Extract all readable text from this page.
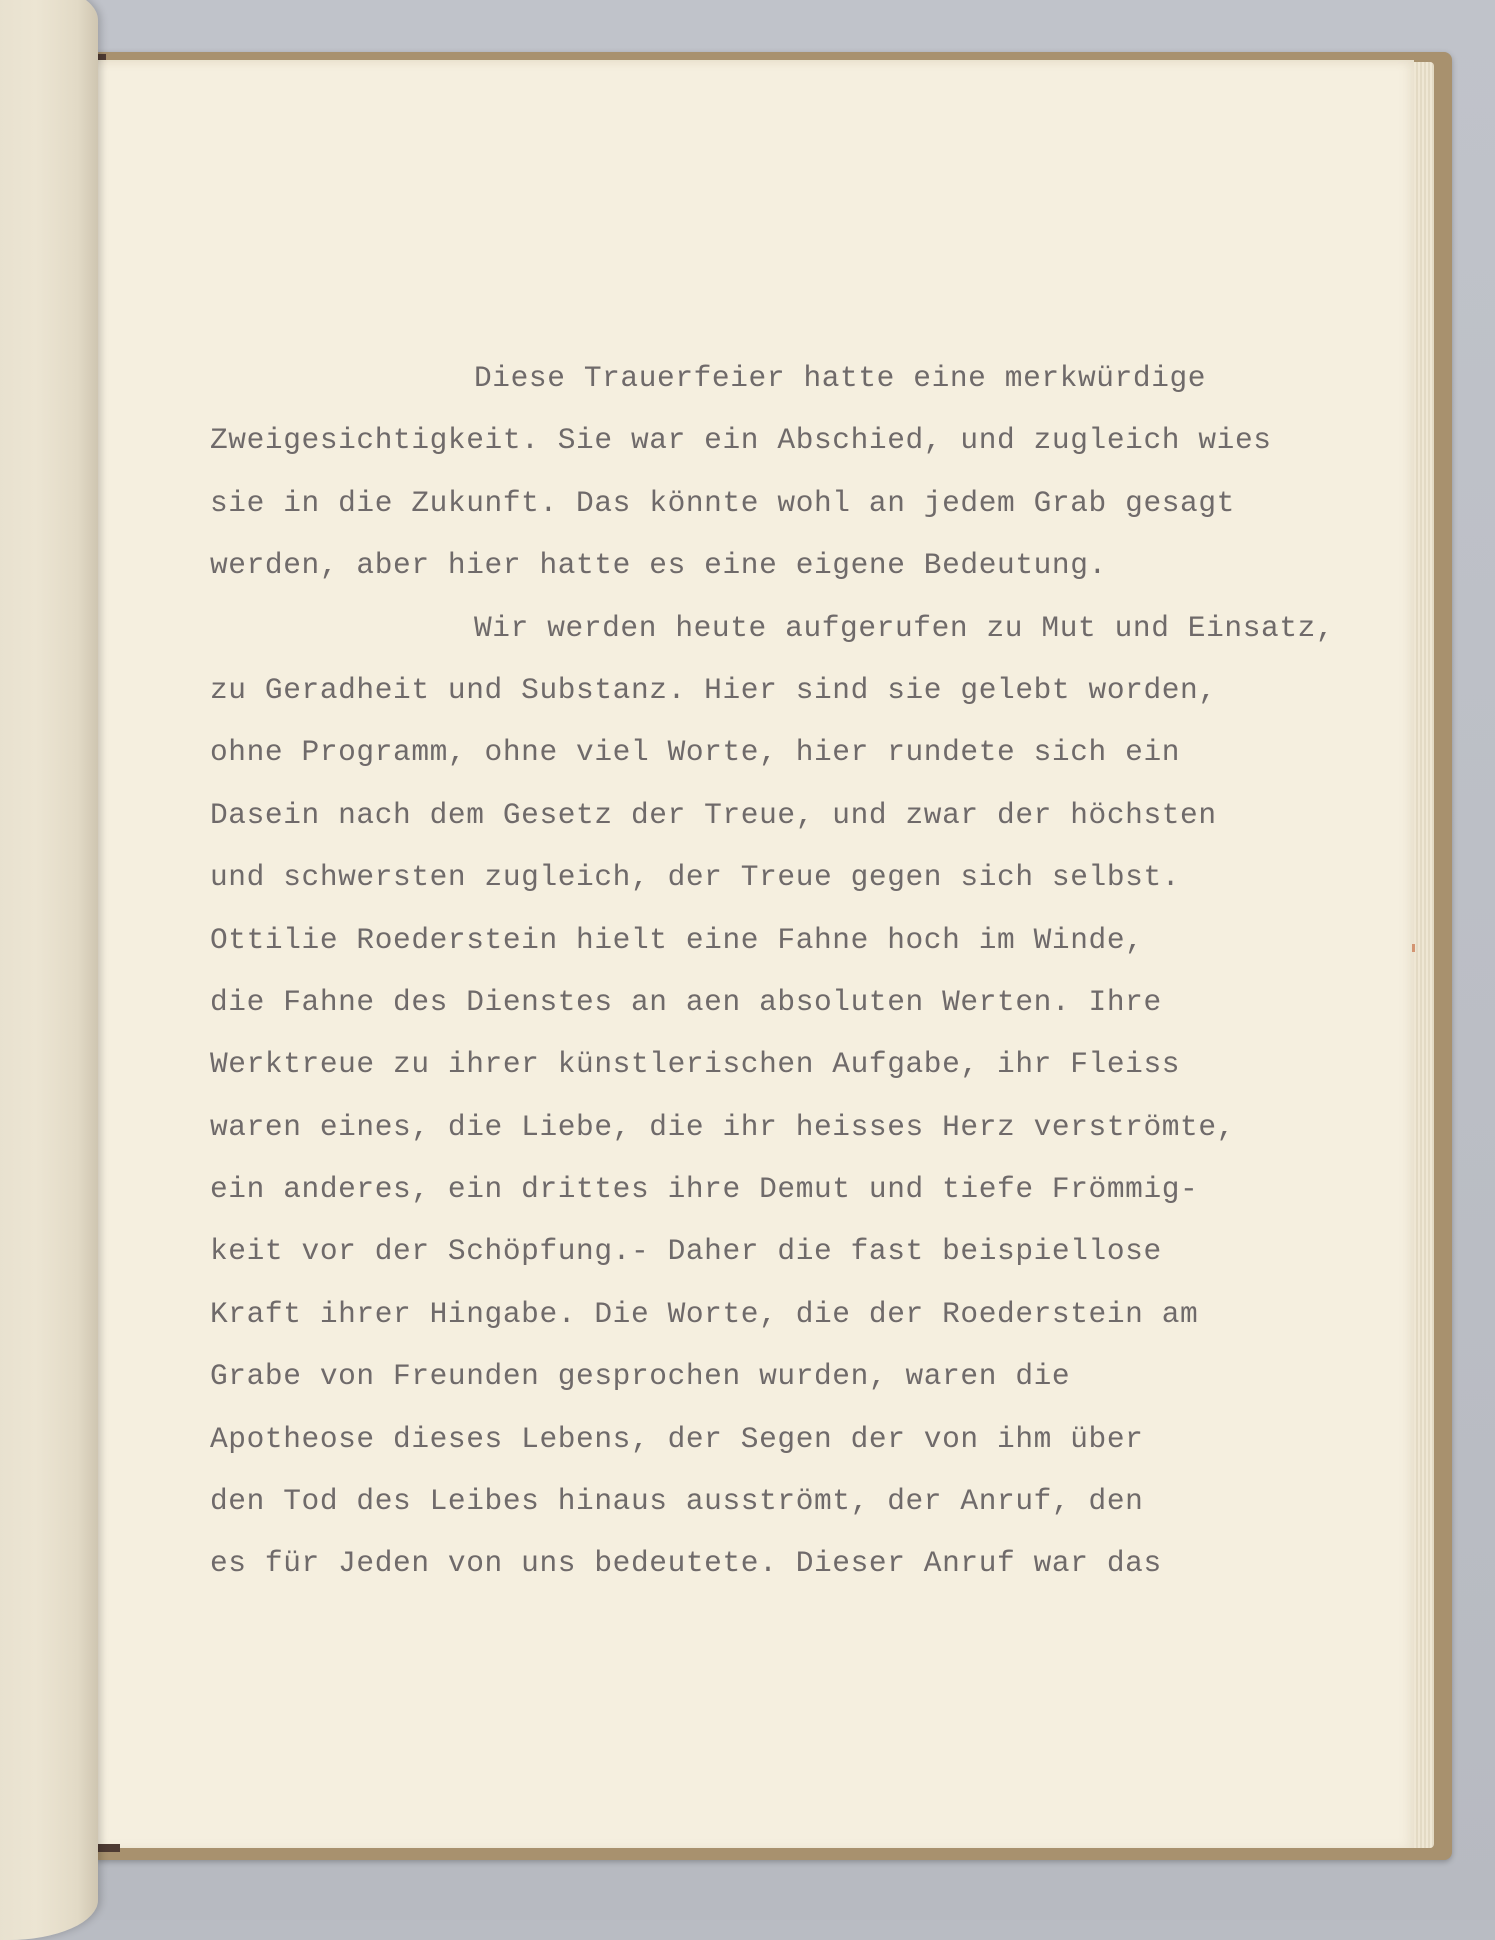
Diese Trauerfeier hatte eine merkwürdige

Zweigesichtigkeit. Sie war ein Abschied, und zugleich wies

sie in die Zukunft. Das könnte wohl an jedem Grab gesagt

werden, aber hier hatte es eine eigene Bedeutung.

Wir werden heute aufgerufen zu Mut und Einsatz,

zu Geradheit und Substanz. Hier sind sie gelebt worden,

ohne Programm, ohne viel Worte, hier rundete sich ein

Dasein nach dem Gesetz der Treue, und zwar der höchsten

und schwersten zugleich, der Treue gegen sich selbst.

Ottilie Roederstein hielt eine Fahne hoch im Winde,

die Fahne des Dienstes an aen absoluten Werten. Ihre

Werktreue zu ihrer künstlerischen Aufgabe, ihr Fleiss

waren eines, die Liebe, die ihr heisses Herz verströmte,

ein anderes, ein drittes ihre Demut und tiefe Frömmig-

keit vor der Schöpfung.- Daher die fast beispiellose

Kraft ihrer Hingabe. Die Worte, die der Roederstein am

Grabe von Freunden gesprochen wurden, waren die

Apotheose dieses Lebens, der Segen der von ihm über

den Tod des Leibes hinaus ausströmt, der Anruf, den

es für Jeden von uns bedeutete. Dieser Anruf war das
